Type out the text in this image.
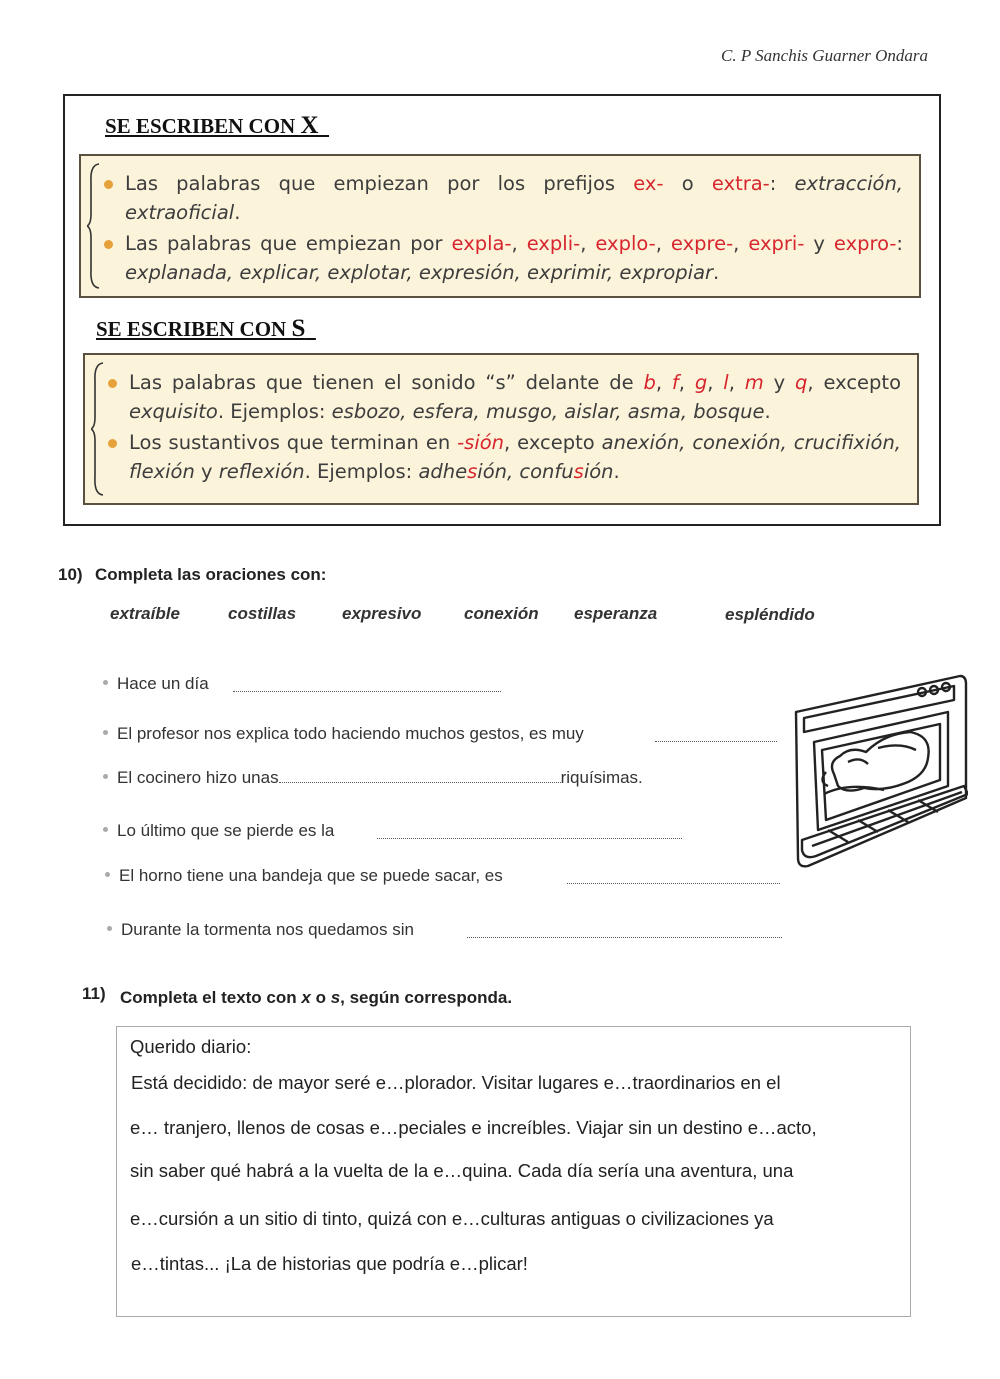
C. P Sanchis Guarner Ondara
SE ESCRIBEN CON X
Las palabras que empiezan por los prefijos ex- o extra-: extracción, extraoficial.
Las palabras que empiezan por expla-, expli-, explo-, expre-, expri- y expro-: explanada, explicar, explotar, expresión, exprimir, expropiar.
SE ESCRIBEN CON S
Las palabras que tienen el sonido “s” delante de b, f, g, l, m y q, excepto exquisito. Ejemplos: esbozo, esfera, musgo, aislar, asma, bosque.
Los sustantivos que terminan en -sión, excepto anexión, conexión, crucifixión, flexión y reflexión. Ejemplos: adhesión, confusión.
10) Completa las oraciones con:
extraíble	costillas	expresivo	conexión esperanza	espléndido
Hace un día
El profesor nos explica todo haciendo muchos gestos, es muy
El cocinero hizo unas	riquísimas.
Lo último que se pierde es la
El horno tiene una bandeja que se puede sacar, es
Durante la tormenta nos quedamos sin
11) Completa el texto con x o s, según corresponda.
Querido diario:
Está decidido: de mayor seré e…plorador. Visitar lugares e…traordinarios en el
e… tranjero, llenos de cosas e…peciales e increíbles. Viajar sin un destino e…acto,
sin saber qué habrá a la vuelta de la e…quina. Cada día sería una aventura, una
e…cursión a un sitio di tinto, quizá con e…culturas antiguas o civilizaciones ya
e…tintas... ¡La de historias que podría e…plicar!
